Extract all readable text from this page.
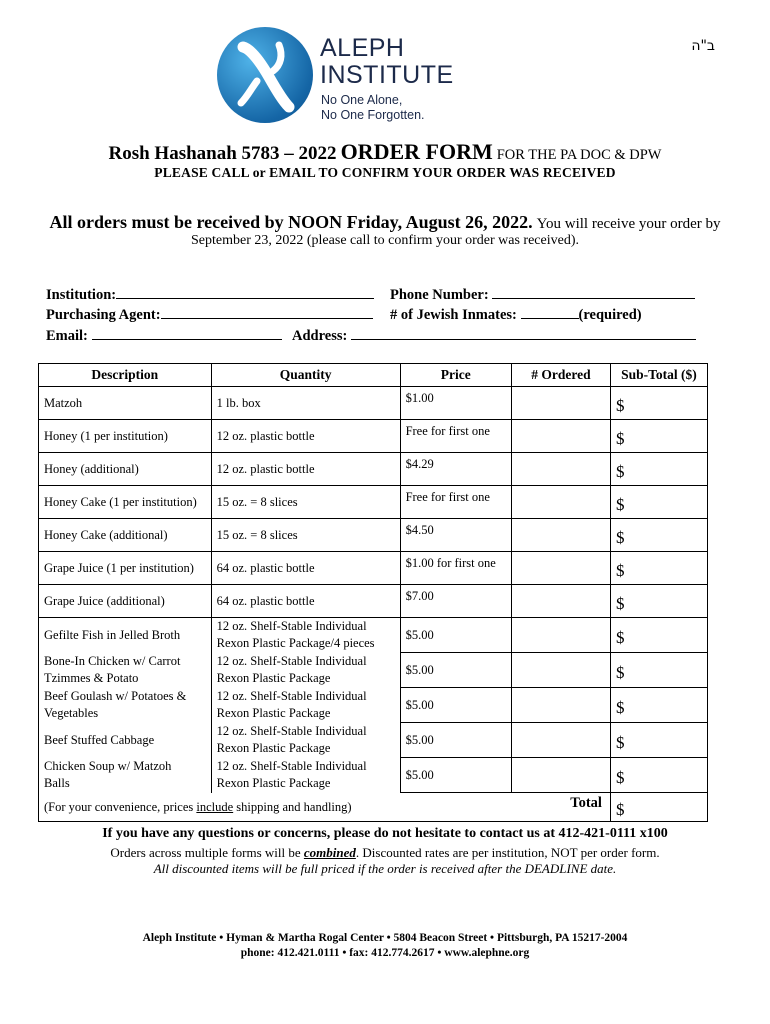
ALEPH
INSTITUTE
No One Alone,
No One Forgotten.
ב"ה
Rosh Hashanah 5783 – 2022 ORDER FORM FOR THE PA DOC & DPW
PLEASE CALL or EMAIL TO CONFIRM YOUR ORDER WAS RECEIVED
All orders must be received by NOON Friday, August 26, 2022. You will receive your order by
September 23, 2022 (please call to confirm your order was received).
Institution:	Phone Number:
Purchasing Agent:	# of Jewish Inmates:	(required)
Email:	Address:
Description	Quantity	Price	# Ordered	Sub-Total ($)
Matzoh	1 lb. box	$1.00		$

Honey (1 per institution)	12 oz. plastic bottle	Free for first one		$

Honey (additional)	12 oz. plastic bottle	$4.29		$

Honey Cake (1 per institution)	15 oz. = 8 slices	Free for first one		$

Honey Cake (additional)	15 oz. = 8 slices	$4.50		$

Grape Juice (1 per institution)	64 oz. plastic bottle	$1.00 for first one		$

Grape Juice (additional)	64 oz. plastic bottle	$7.00		$

Gefilte Fish in Jelled Broth	12 oz. Shelf-Stable Individual
Rexon Plastic Package/4 pieces	$5.00		$

Bone-In Chicken w/ Carrot
Tzimmes & Potato	12 oz. Shelf-Stable Individual
Rexon Plastic Package	$5.00		$

Beef Goulash w/ Potatoes &
Vegetables	12 oz. Shelf-Stable Individual
Rexon Plastic Package	$5.00		$

Beef Stuffed Cabbage	12 oz. Shelf-Stable Individual
Rexon Plastic Package	$5.00		$

Chicken Soup w/ Matzoh
Balls	12 oz. Shelf-Stable Individual
Rexon Plastic Package	$5.00		$

(For your convenience, prices include shipping and handling) Total				$
If you have any questions or concerns, please do not hesitate to contact us at 412-421-0111 x100
Orders across multiple forms will be combined. Discounted rates are per institution, NOT per order form.
All discounted items will be full priced if the order is received after the DEADLINE date.
Aleph Institute • Hyman & Martha Rogal Center • 5804 Beacon Street • Pittsburgh, PA 15217-2004
phone: 412.421.0111 • fax: 412.774.2617 • www.alephne.org
